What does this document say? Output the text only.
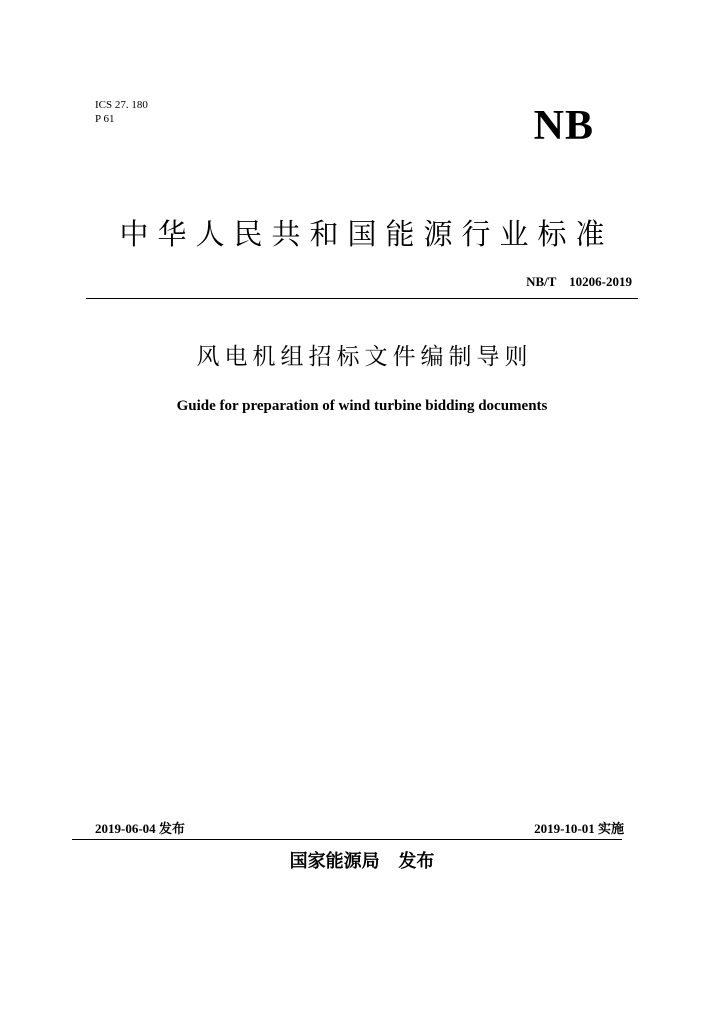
ICS 27. 180
P 61	NB
中华人民共和国能源行业标准
NB/T    10206-2019
风电机组招标文件编制导则
Guide for preparation of wind turbine bidding documents
2019-06-04 发布	2019-10-01 实施
国家能源局   发布
